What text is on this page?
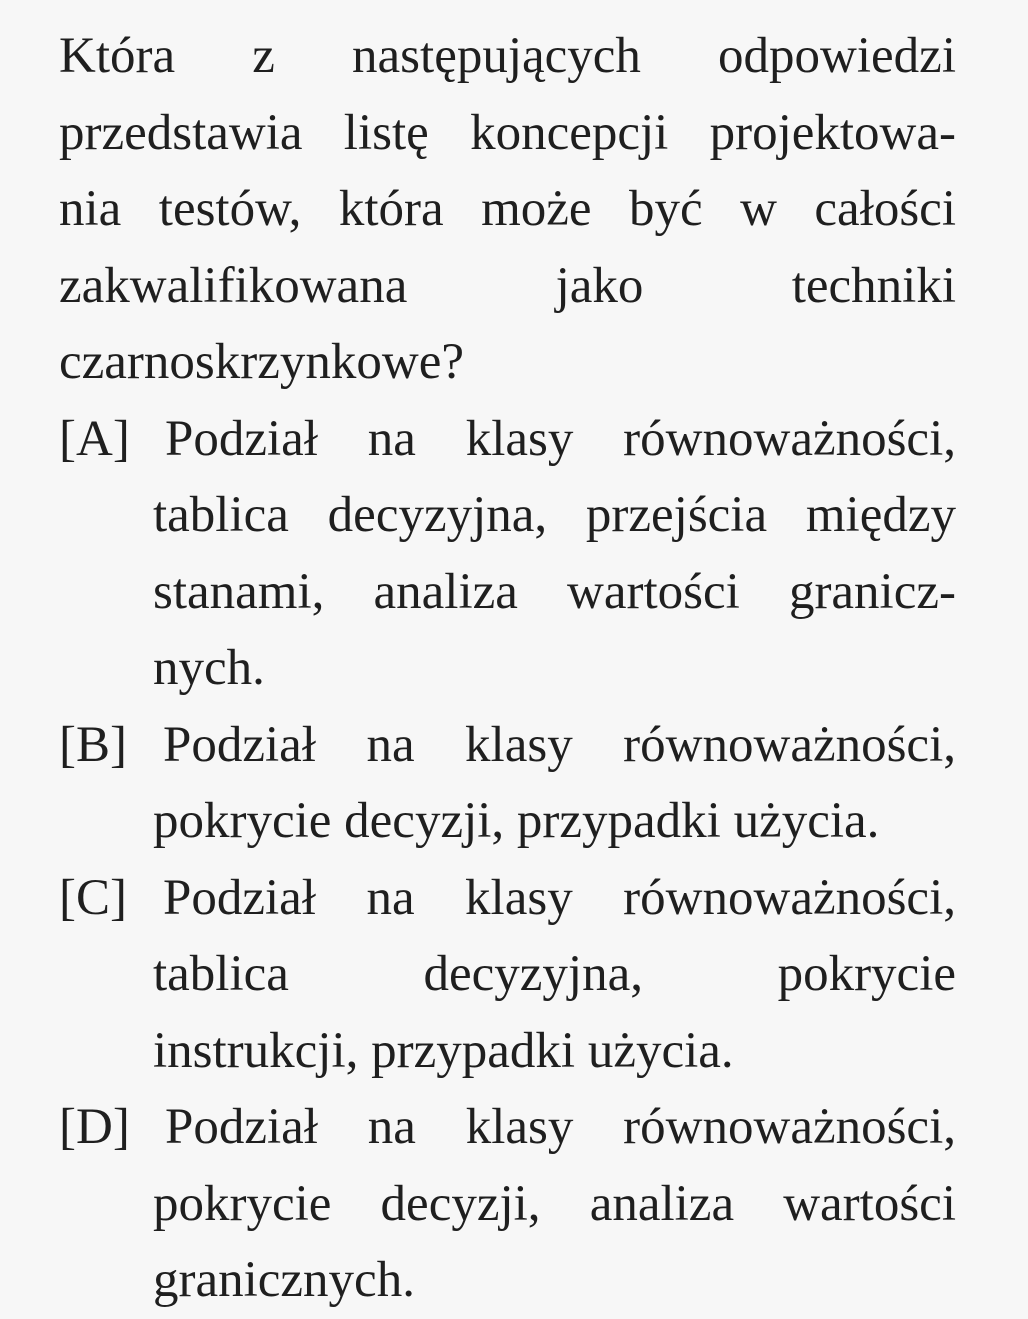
Która z następujących odpowiedzi
przedstawia listę koncepcji projektowa-
nia testów, która może być w całości
zakwalifikowana jako techniki
czarnoskrzynkowe?

[A] Podział na klasy równoważności,
tablica decyzyjna, przejścia między
stanami, analiza wartości granicz-
nych.
[B] Podział na klasy równoważności,
pokrycie decyzji, przypadki użycia.
[C] Podział na klasy równoważności,
tablica decyzyjna, pokrycie
instrukcji, przypadki użycia.
[D] Podział na klasy równoważności,
pokrycie decyzji, analiza wartości
granicznych.
